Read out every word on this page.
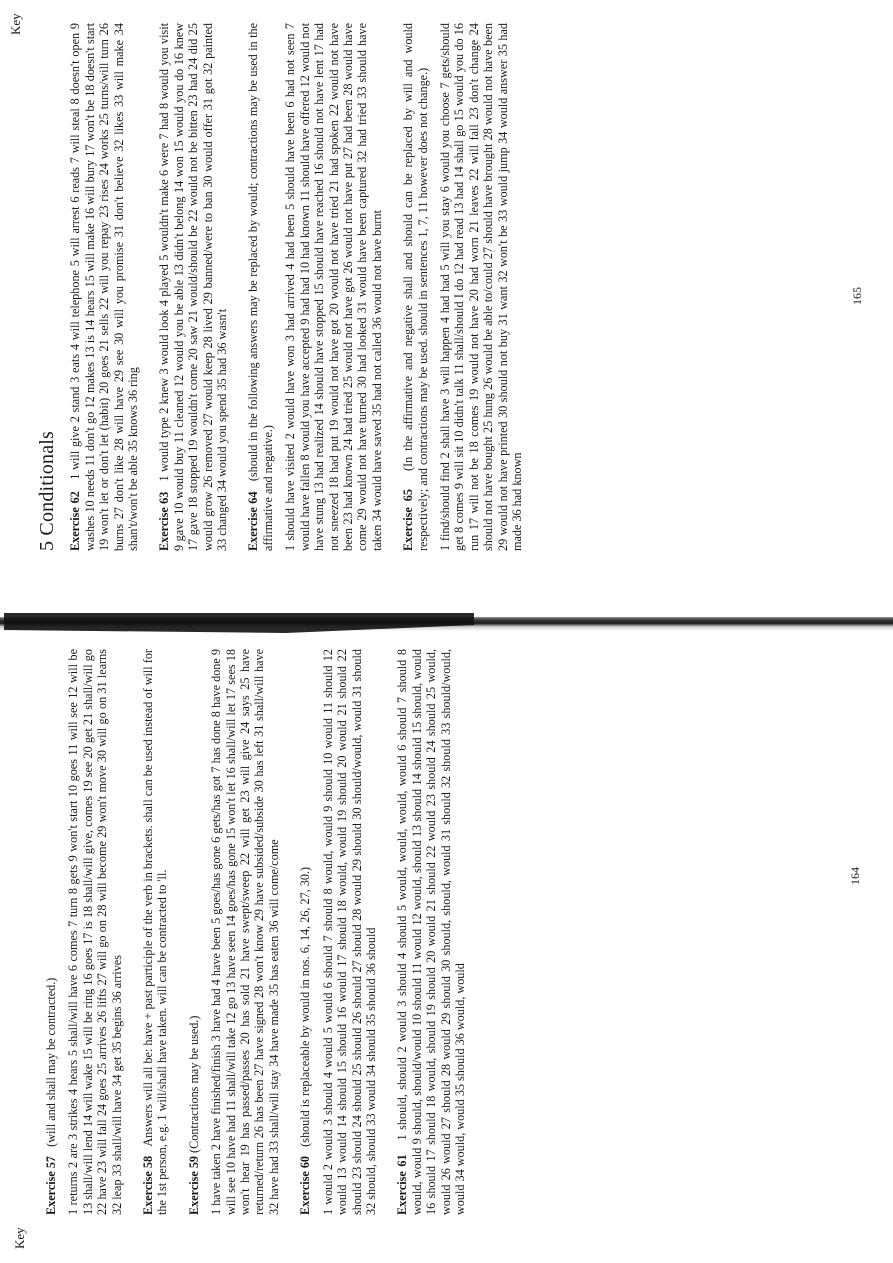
Key
164

Exercise 57   (will and shall may be contracted.) 1 returns 2 are 3 strikes 4 hears 5 shall/will have 6 comes 7 turn 8 gets 9 won't start 10 goes 11 will see 12 will be 13 shall/will lend 14 will wake 15 will be ring 16 goes 17 is 18 shall/will give, comes 19 see 20 get 21 shall/will go 22 have 23 will fall 24 goes 25 arrives 26 lifts 27 will go on 28 will become 29 won't move 30 will go on 31 learns 32 leap 33 shall/will have 34 get 35 begins 36 arrives Exercise 58   Answers will all be: have + past participle of the verb in brackets. shall can be used instead of will for the 1st person, e.g. 1 will/shall have taken. will can be contracted to 'll. Exercise 59 (Contractions may be used.) 1 have taken 2 have finished/finish 3 have had 4 have been 5 goes/has gone 6 gets/has got 7 has done 8 have done 9 will see 10 have had 11 shall/will take 12 go 13 have seen 14 goes/has gone 15 won't let 16 shall/will let 17 sees 18 won't hear 19 has passed/passes 20 has sold 21 have swept/sweep 22 will get 23 will give 24 says 25 have returned/return 26 has been 27 have signed 28 won't know 29 have subsided/subside 30 has left 31 shall/will have 32 have had 33 shall/will stay 34 have made 35 has eaten 36 will come/come Exercise 60   (should is replaceable by would in nos. 6, 14, 26, 27, 30.) 1 would 2 would 3 should 4 would 5 would 6 should 7 should 8 would, would 9 should 10 would 11 should 12 would 13 would 14 should 15 should 16 would 17 should 18 would, would 19 should 20 would 21 should 22 should 23 should 24 should 25 should 26 should 27 should 28 would 29 should 30 should/would, would 31 should 32 should, should 33 would 34 should 35 should 36 should Exercise 61   1 should, should 2 would 3 should 4 should 5 would, would, would, would 6 should 7 should 8 would, would 9 should, should/would 10 should 11 would 12 would, should 13 should 14 should 15 should, would 16 should 17 should 18 would, should 19 should 20 would 21 should 22 would 23 should 24 should 25 would, would 26 would 27 should 28 would 29 should 30 should, should, would 31 should 32 should 33 should/would, would 34 would, would 35 should 36 would, would

Key
165
5 Conditionals Exercise 62   1 will give 2 stand 3 eats 4 will telephone 5 will arrest 6 reads 7 will steal 8 doesn't open 9 washes 10 needs 11 don't go 12 makes 13 is 14 hears 15 will make 16 will bury 17 won't be 18 doesn't start 19 won't let or don't let (habit) 20 goes 21 sells 22 will you repay 23 rises 24 works 25 turns/will turn 26 burns 27 don't like 28 will have 29 see 30 will you promise 31 don't believe 32 likes 33 will make 34 shan't/won't be able 35 knows 36 ring Exercise 63   1 would type 2 knew 3 would look 4 played 5 wouldn't make 6 were 7 had 8 would you visit 9 gave 10 would buy 11 cleaned 12 would you be able 13 didn't belong 14 won 15 would you do 16 knew 17 gave 18 stopped 19 wouldn't come 20 saw 21 would/should be 22 would not be bitten 23 had 24 did 25 would grow 26 removed 27 would keep 28 lived 29 banned/were to ban 30 would offer 31 got 32 painted 33 changed 34 would you spend 35 had 36 wasn't Exercise 64   (should in the following answers may be replaced by would; contractions may be used in the affirmative and negative.) 1 should have visited 2 would have won 3 had arrived 4 had been 5 should have been 6 had not seen 7 would have fallen 8 would you have accepted 9 had had 10 had known 11 should have offered 12 would not have stung 13 had realized 14 should have stopped 15 should have reached 16 should not have lent 17 had not sneezed 18 had put 19 would not have got 20 would not have tried 21 had spoken 22 would not have been 23 had known 24 had tried 25 would not have got 26 would not have put 27 had been 28 would have come 29 would not have turned 30 had looked 31 would have been captured 32 had tried 33 should have taken 34 would have saved 35 had not called 36 would not have burnt Exercise 65   (In the affirmative and negative shall and should can be replaced by will and would respectively; and contractions may be used. should in sentences 1, 7, 11 however does not change.) 1 find/should find 2 shall have 3 will happen 4 had had 5 will you stay 6 would you choose 7 gets/should get 8 comes 9 will sit 10 didn't talk 11 shall/should I do 12 had read 13 had 14 shall go 15 would you do 16 run 17 will not be 18 comes 19 would not have 20 had worn 21 leaves 22 will fall 23 don't change 24 should not have bought 25 hung 26 would be able to/could 27 should have brought 28 would not have been 29 would not have printed 30 should not buy 31 want 32 won't be 33 would jump 34 would answer 35 had made 36 had known
